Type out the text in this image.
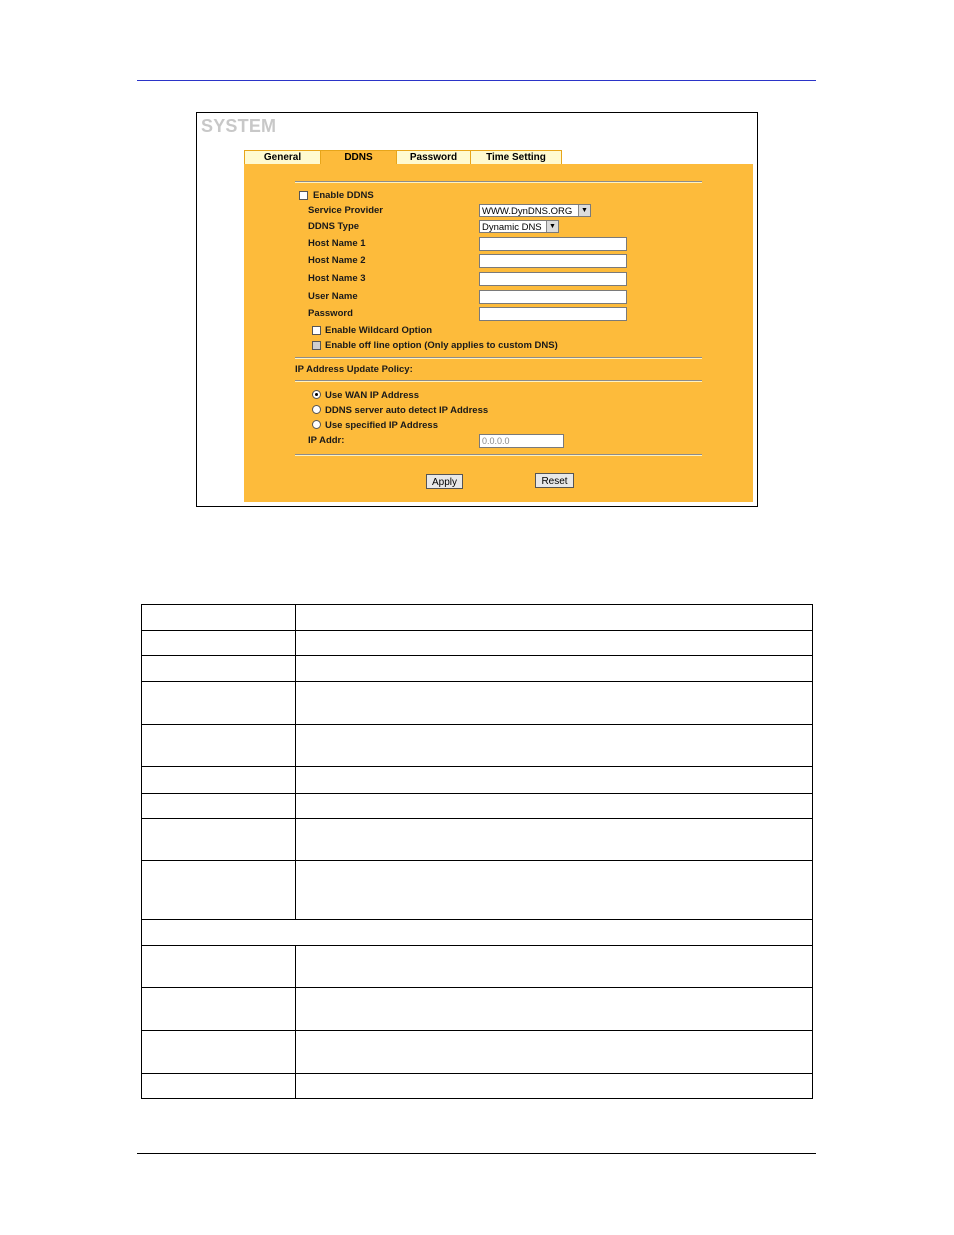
SYSTEM
General	DDNS	Password	Time Setting
Enable DDNS
Service Provider	WWW.DynDNS.ORG	▼
DDNS Type	Dynamic DNS	▼
Host Name 1
Host Name 2
Host Name 3
User Name
Password
Enable Wildcard Option
Enable off line option (Only applies to custom DNS)
IP Address Update Policy:
Use WAN IP Address
DDNS server auto detect IP Address
Use specified IP Address
IP Addr:	0.0.0.0
Apply	Reset
